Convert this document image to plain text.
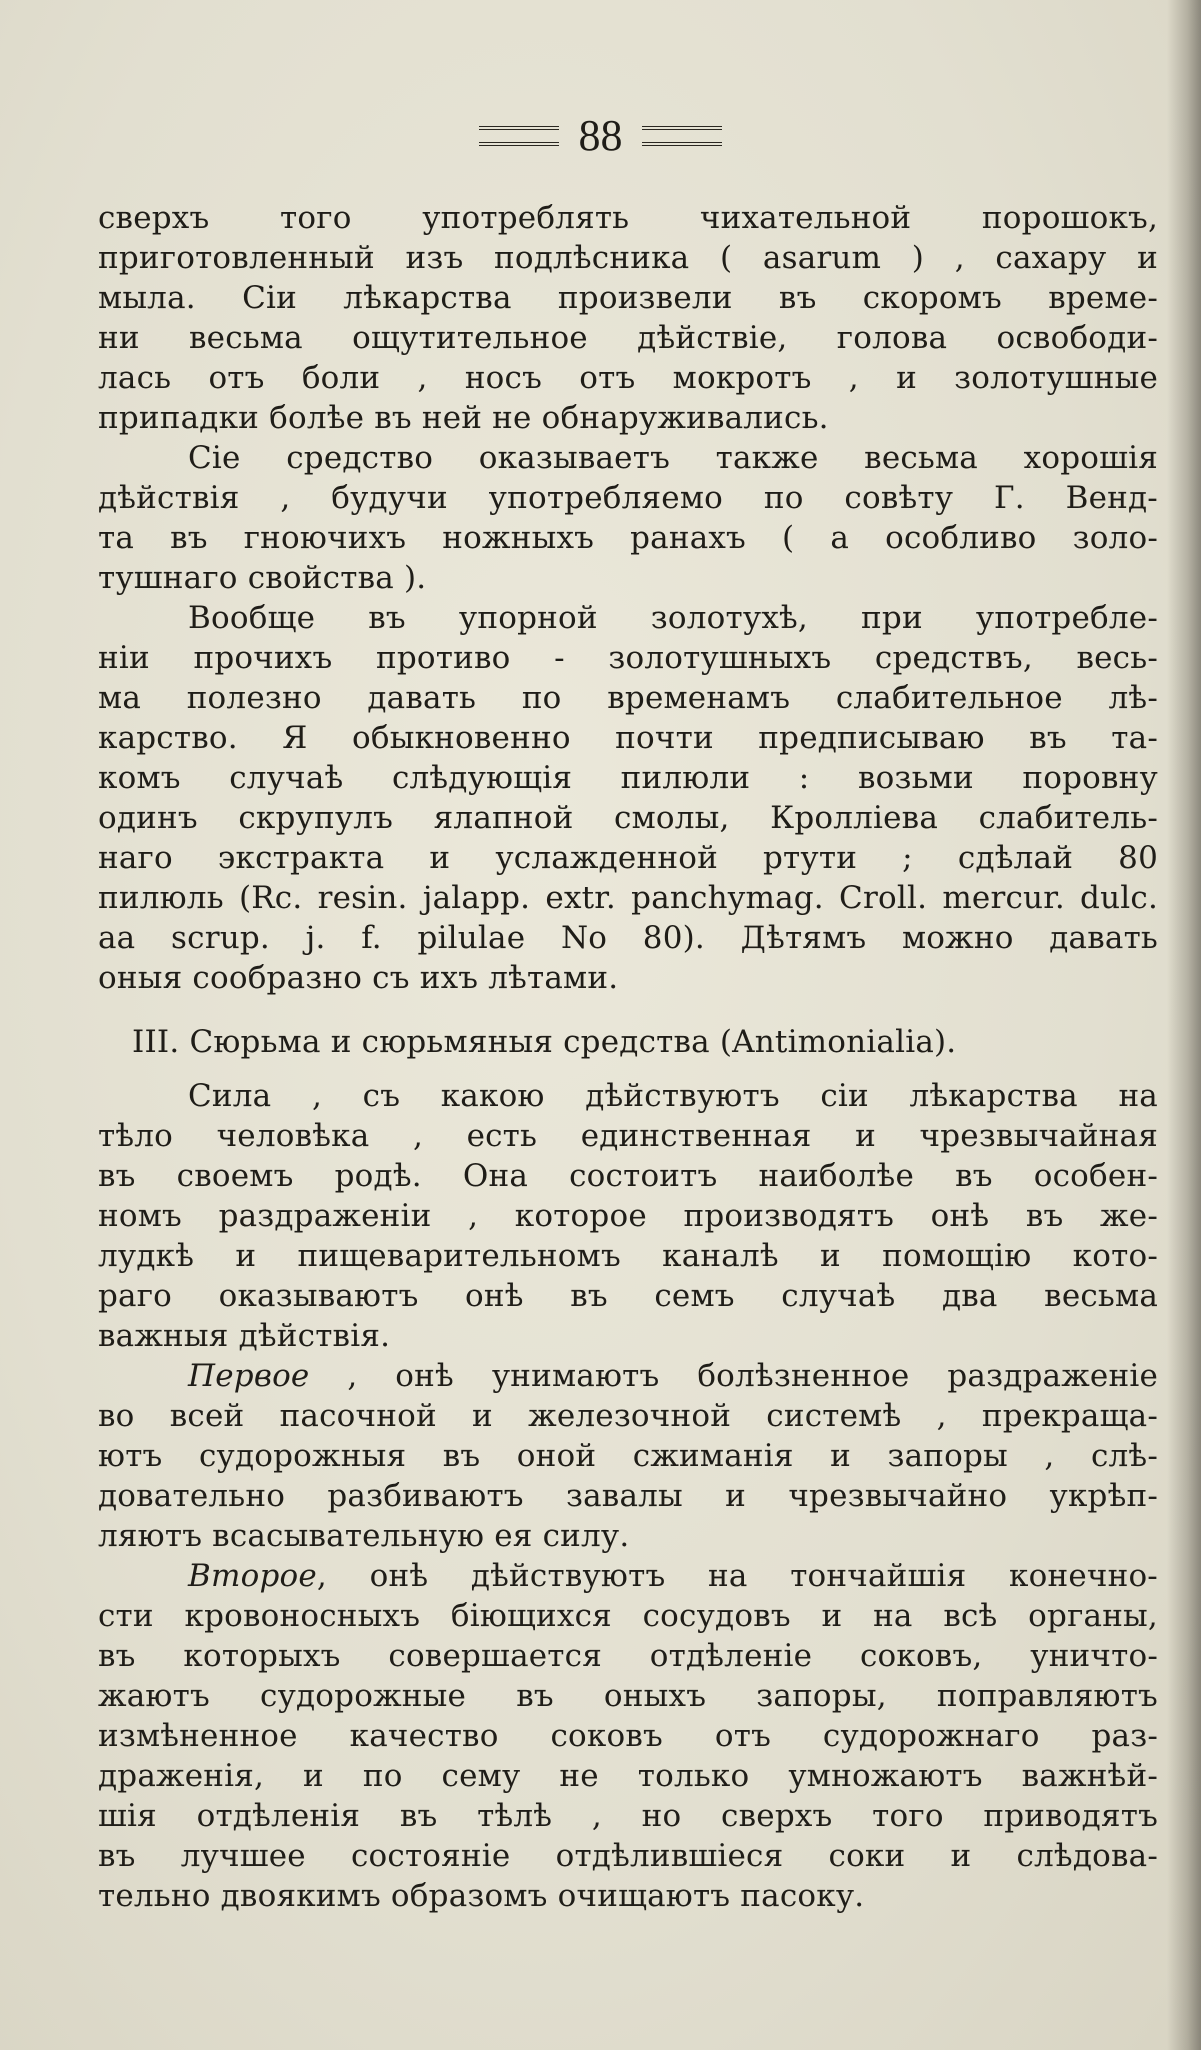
88
сверхъ того употреблять чихательной порошокъ,
приготовленный изъ подлѣсника ( asarum ) , сахару и
мыла. Сіи лѣкарства произвели въ скоромъ време-
ни весьма ощутительное дѣйствіе, голова освободи-
лась отъ боли , носъ отъ мокротъ , и золотушные
припадки болѣе въ ней не обнаруживались.
Сіе средство оказываетъ также весьма хорошія
дѣйствія , будучи употребляемо по совѣту Г. Венд-
та въ гноючихъ ножныхъ ранахъ ( а особливо золо-
тушнаго свойства ).
Вообще въ упорной золотухѣ, при употребле-
ніи прочихъ противо - золотушныхъ средствъ, весь-
ма полезно давать по временамъ слабительное лѣ-
карство. Я обыкновенно почти предписываю въ та-
комъ случаѣ слѣдующія пилюли : возьми поровну
одинъ скрупулъ ялапной смолы, Кролліева слабитель-
наго экстракта и услажденной ртути ; сдѣлай 80
пилюль (Rc. resin. jalapp. extr. panchymag. Croll. mercur. dulc.
aa scrup. j. f. pilulae No 80). Дѣтямъ можно давать
оныя сообразно съ ихъ лѣтами.
III. Сюрьма и сюрьмяныя средства (Antimonialia).
Сила , съ какою дѣйствуютъ сіи лѣкарства на
тѣло человѣка , есть единственная и чрезвычайная
въ своемъ родѣ. Она состоитъ наиболѣе въ особен-
номъ раздраженіи , которое производятъ онѣ въ же-
лудкѣ и пищеварительномъ каналѣ и помощію кото-
раго оказываютъ онѣ въ семъ случаѣ два весьма
важныя дѣйствія.
Первое , онѣ унимаютъ болѣзненное раздраженіе
во всей пасочной и железочной системѣ , прекраща-
ютъ судорожныя въ оной сжиманія и запоры , слѣ-
довательно разбиваютъ завалы и чрезвычайно укрѣп-
ляютъ всасывательную ея силу.
Второе, онѣ дѣйствуютъ на тончайшія конечно-
сти кровоносныхъ біющихся сосудовъ и на всѣ органы,
въ которыхъ совершается отдѣленіе соковъ, уничто-
жаютъ судорожные въ оныхъ запоры, поправляютъ
измѣненное качество соковъ отъ судорожнаго раз-
драженія, и по сему не только умножаютъ важнѣй-
шія отдѣленія въ тѣлѣ , но сверхъ того приводятъ
въ лучшее состояніе отдѣлившіеся соки и слѣдова-
тельно двоякимъ образомъ очищаютъ пасоку.
